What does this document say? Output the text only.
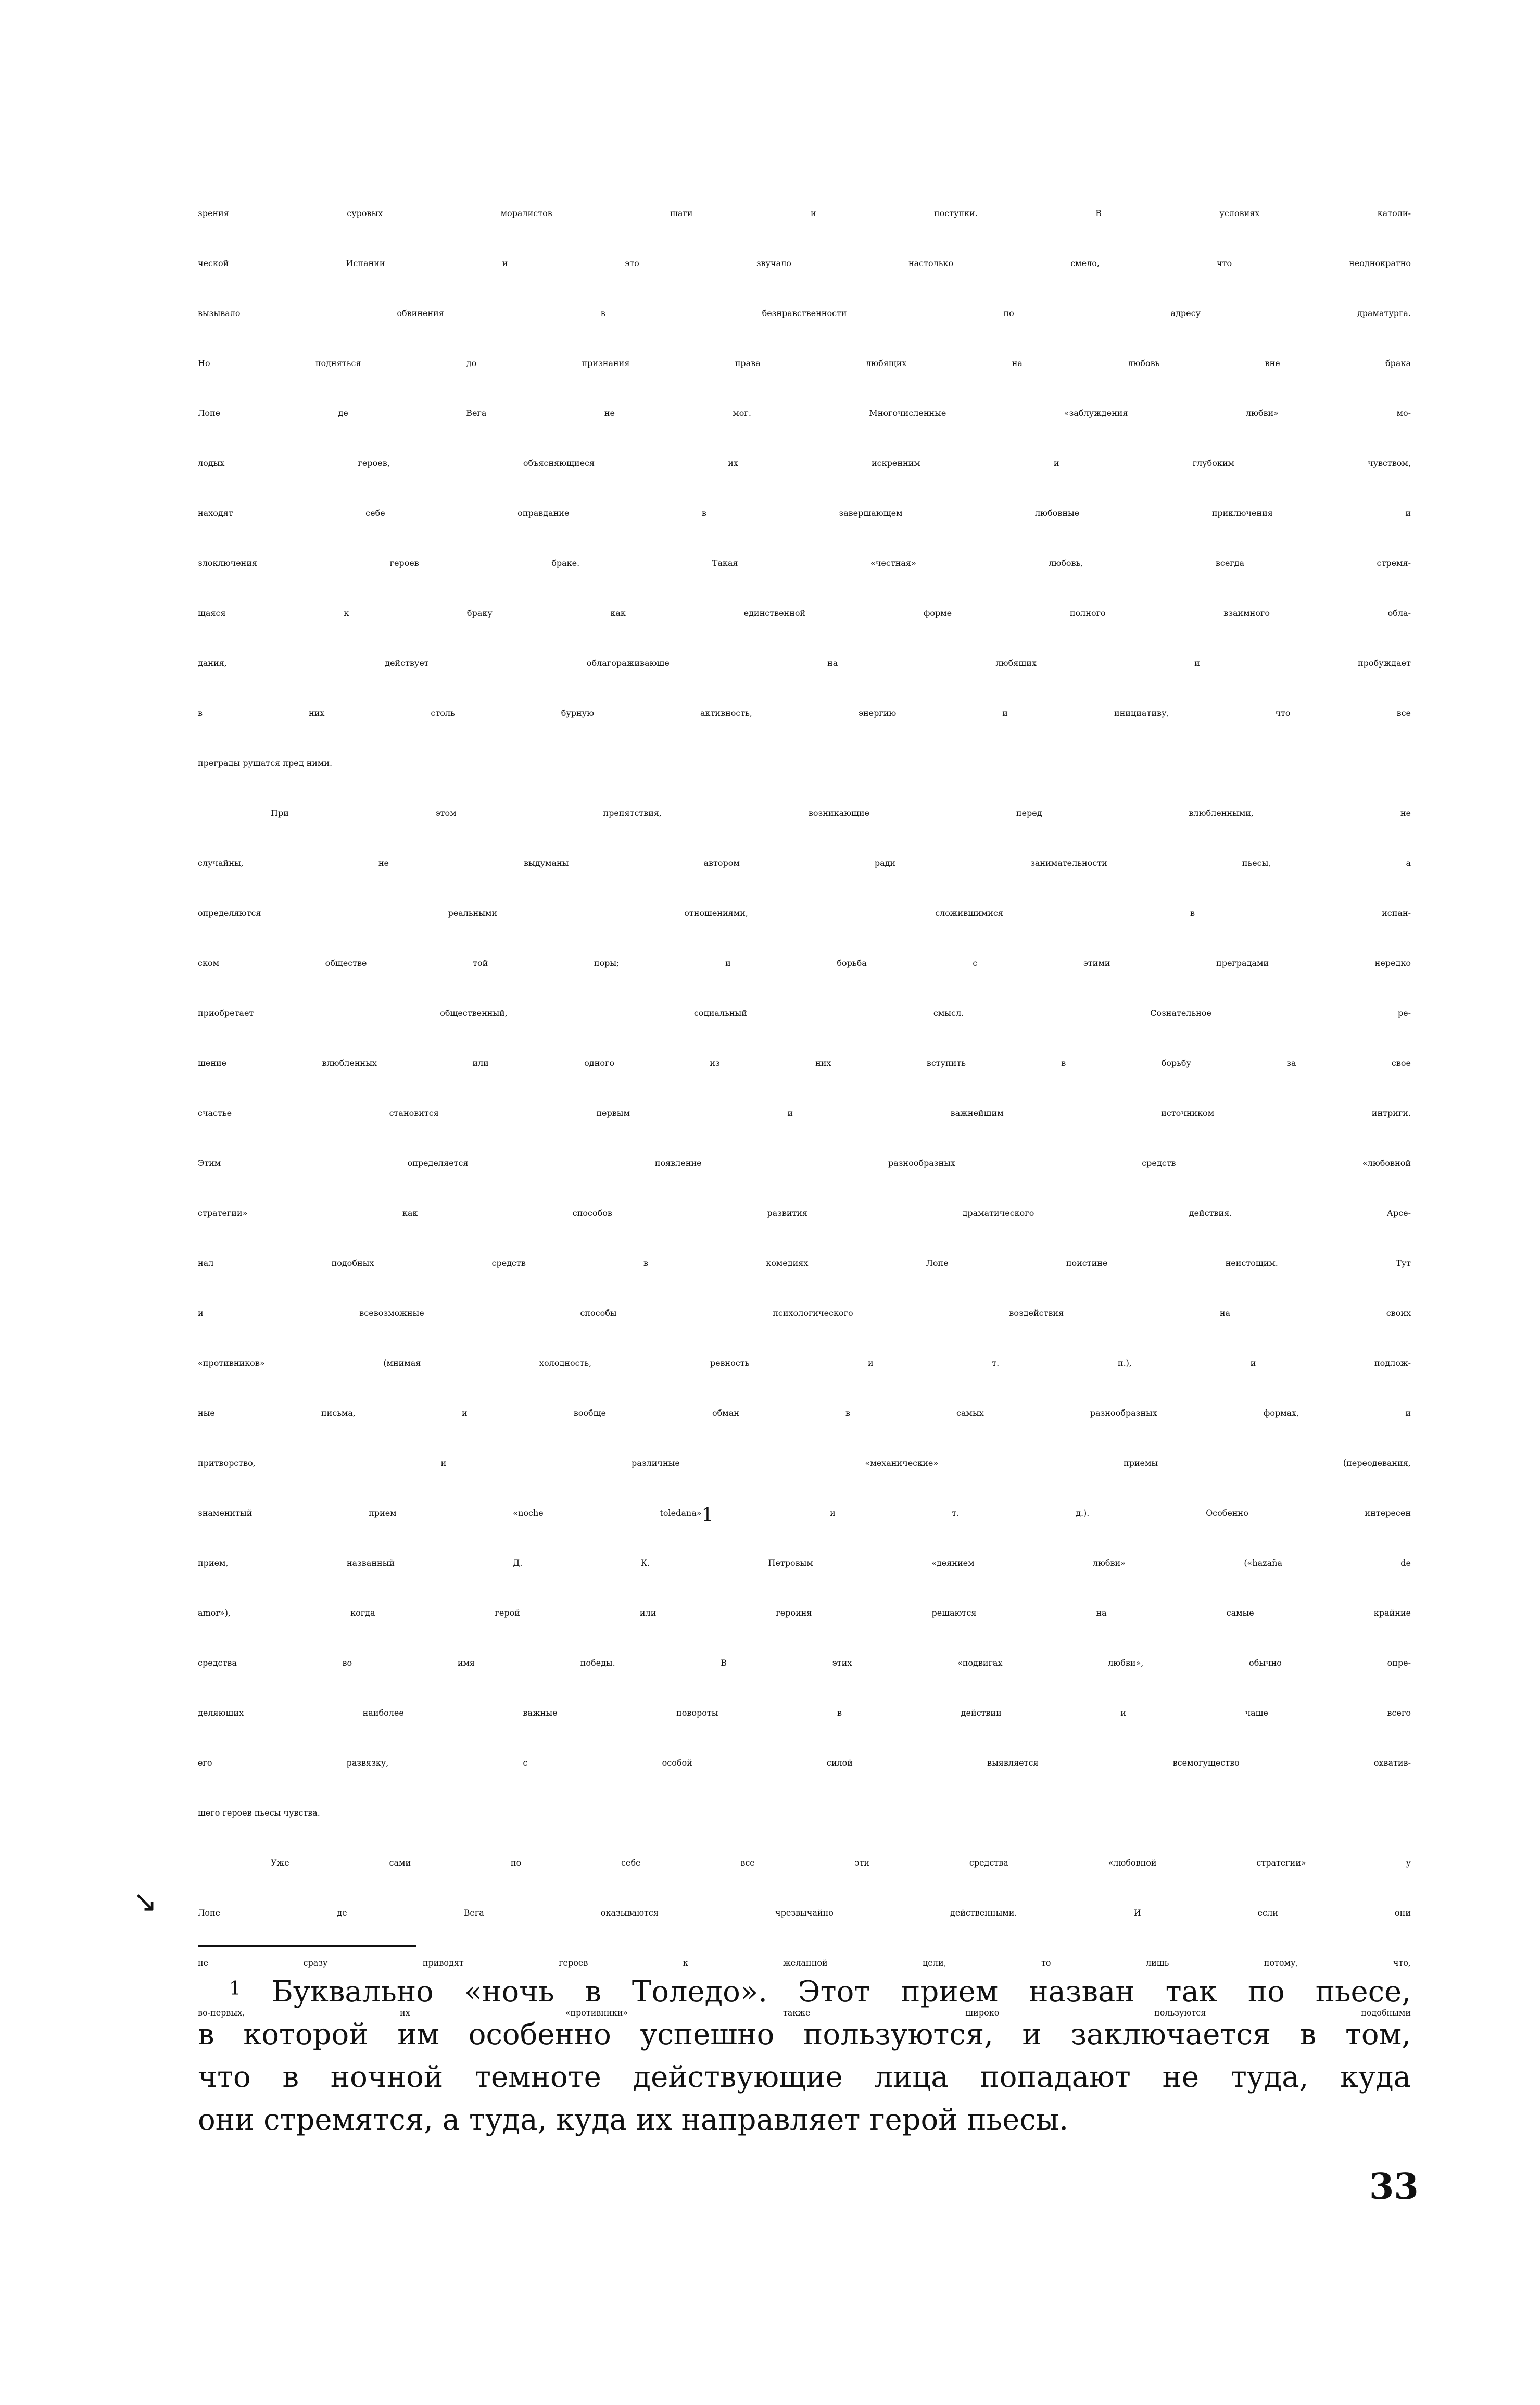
зрения суровых моралистов шаги и поступки. В условиях католи-
ческой Испании и это звучало настолько смело, что неоднократно
вызывало обвинения в безнравственности по адресу драматурга.
Но подняться до признания права любящих на любовь вне брака
Лопе де Вега не мог. Многочисленные «заблуждения любви» мо-
лодых героев, объясняющиеся их искренним и глубоким чувством,
находят себе оправдание в завершающем любовные приключения и
злоключения героев браке. Такая «честная» любовь, всегда стремя-
щаяся к браку как единственной форме полного взаимного обла-
дания, действует облагораживающе на любящих и пробуждает
в них столь бурную активность, энергию и инициативу, что все
преграды рушатся пред ними.
При этом препятствия, возникающие перед влюбленными, не
случайны, не выдуманы автором ради занимательности пьесы, а
определяются реальными отношениями, сложившимися в испан-
ском обществе той поры; и борьба с этими преградами нередко
приобретает общественный, социальный смысл. Сознательное ре-
шение влюбленных или одного из них вступить в борьбу за свое
счастье становится первым и важнейшим источником интриги.
Этим определяется появление разнообразных средств «любовной
стратегии» как способов развития драматического действия. Арсе-
нал подобных средств в комедиях Лопе поистине неистощим. Тут
и всевозможные способы психологического воздействия на своих
«противников» (мнимая холодность, ревность и т. п.), и подлож-
ные письма, и вообще обман в самых разнообразных формах, и
притворство, и различные «механические» приемы (переодевания,
знаменитый прием «noche toledana»$^1$ и т. д.). Особенно интересен
прием, названный Д. К. Петровым «деянием любви» («hazaña de
amor»), когда герой или героиня решаются на самые крайние
средства во имя победы. В этих «подвигах любви», обычно опре-
деляющих наиболее важные повороты в действии и чаще всего
его развязку, с особой силой выявляется всемогущество охватив-
шего героев пьесы чувства.
Уже сами по себе все эти средства «любовной стратегии» у
Лопе де Вега оказываются чрезвычайно действенными. И если они
не сразу приводят героев к желанной цели, то лишь потому, что,
во-первых, их «противники» также широко пользуются подобными
↘
$^1$ Буквально «ночь в Толедо». Этот прием назван так по пьесе,
в которой им особенно успешно пользуются, и заключается в том,
что в ночной темноте действующие лица попадают не туда, куда
они стремятся, а туда, куда их направляет герой пьесы.
33
